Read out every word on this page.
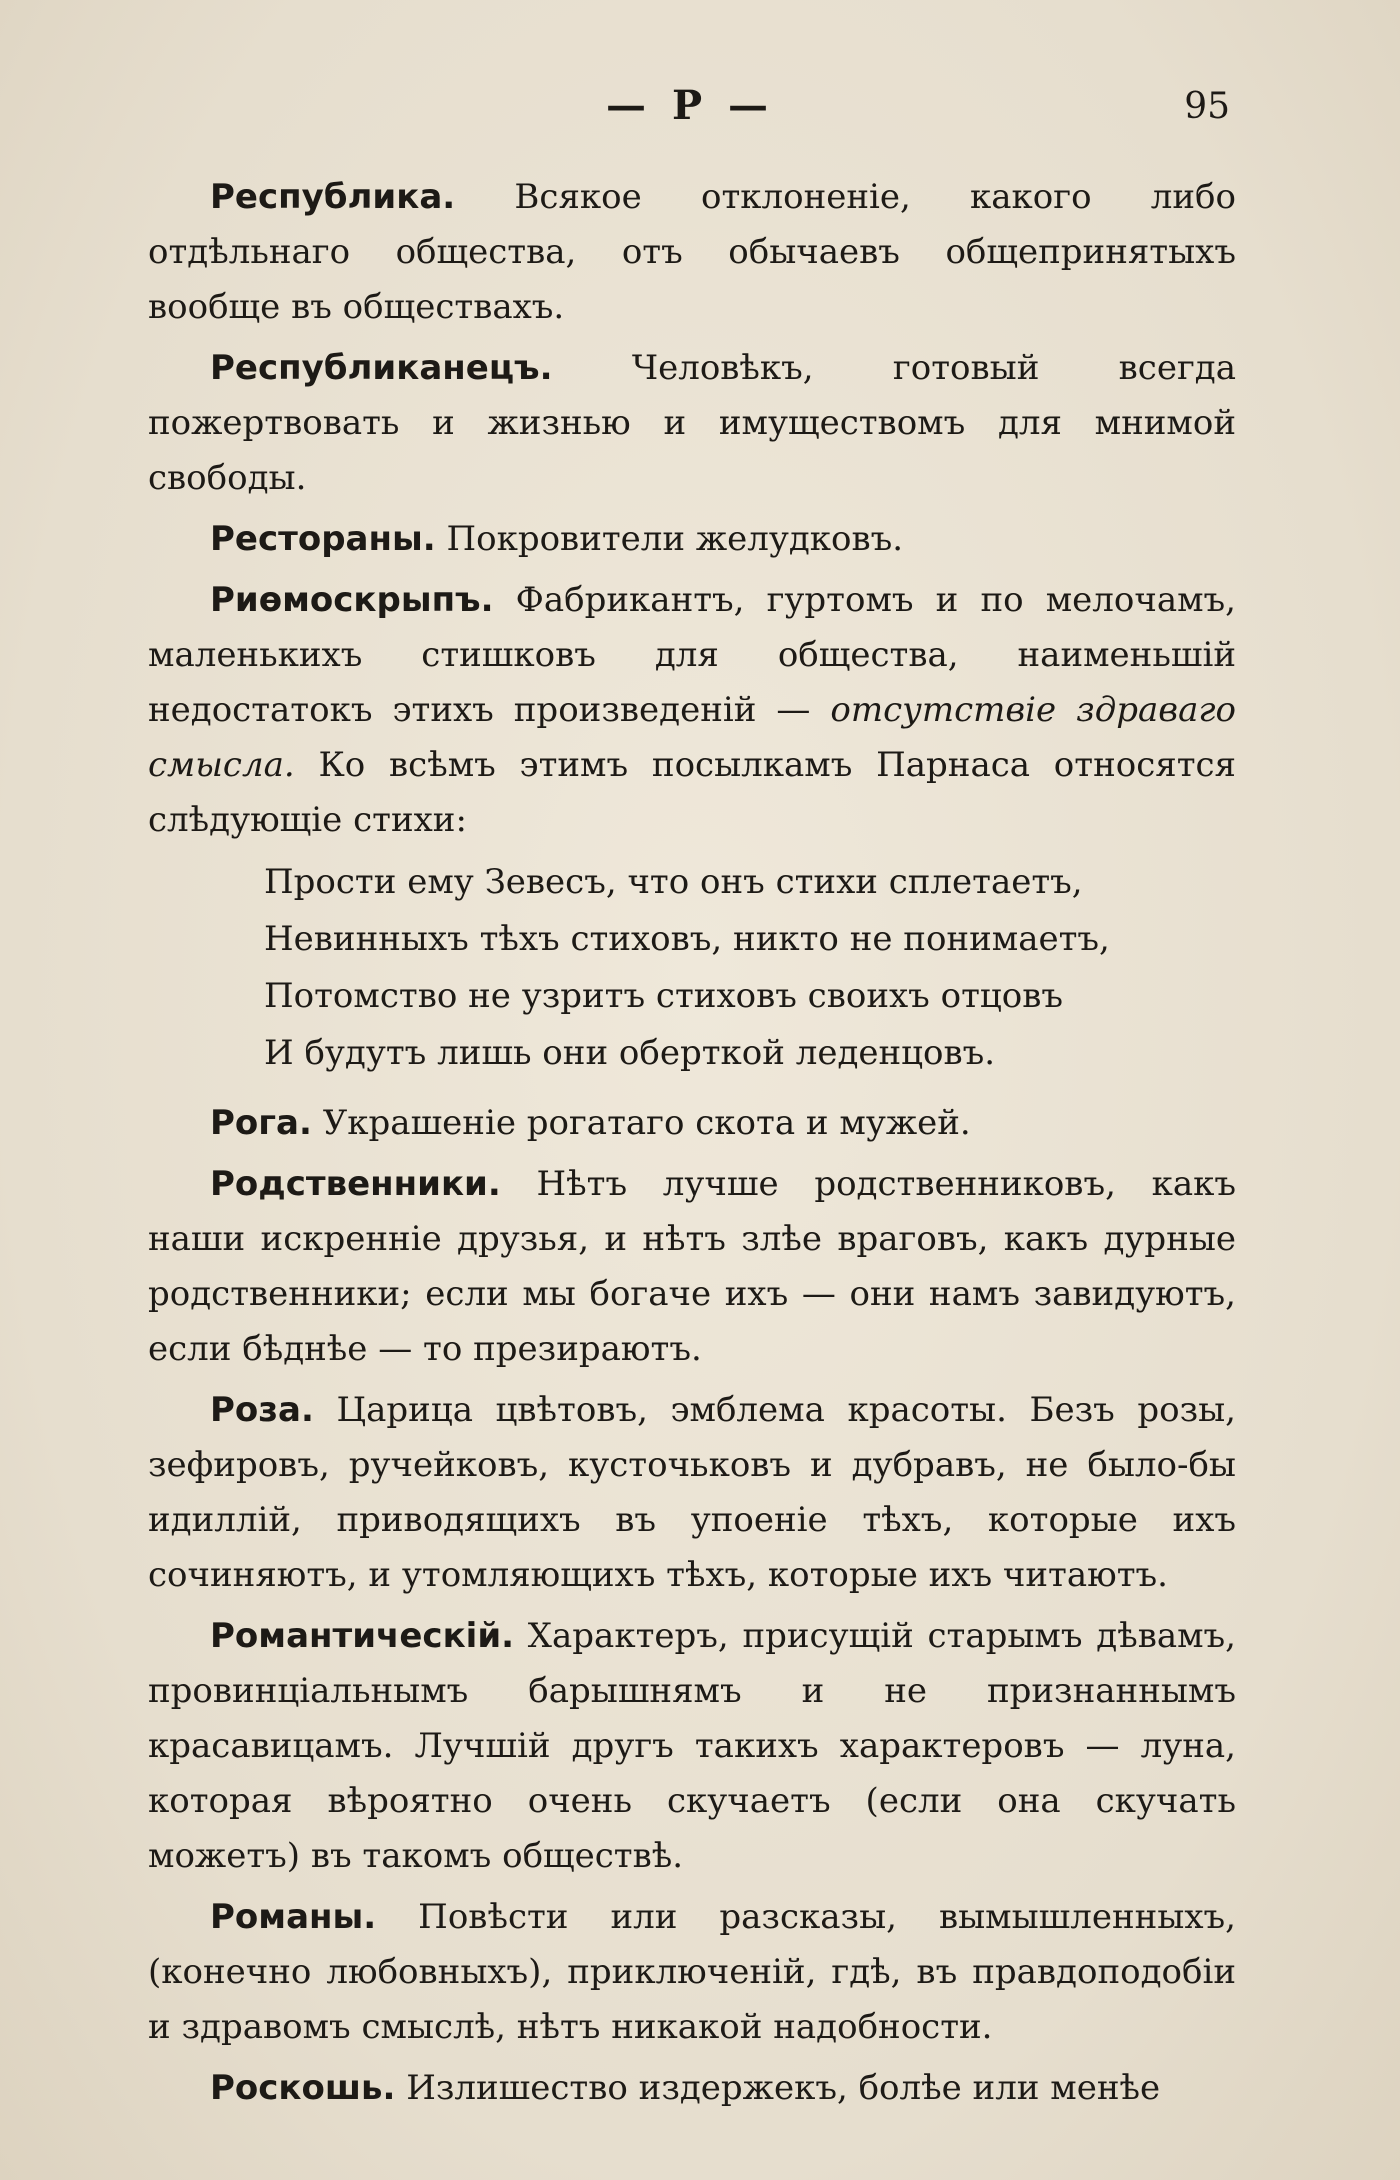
— Р —	95

Республика. Всякое отклоненіе, какого либо отдѣльнаго общества, отъ обычаевъ общепринятыхъ вообще въ обществахъ.

Республиканецъ. Человѣкъ, готовый всегда пожертвовать и жизнью и имуществомъ для мнимой свободы.

Рестораны. Покровители желудковъ.

Риѳмоскрыпъ. Фабрикантъ, гуртомъ и по мелочамъ, маленькихъ стишковъ для общества, наименьшій недостатокъ этихъ произведеній — отсутствіе здраваго смысла. Ко всѣмъ этимъ посылкамъ Парнаса относятся слѣдующіе стихи:

Прости ему Зевесъ, что онъ стихи сплетаетъ,
Невинныхъ тѣхъ стиховъ, никто не понимаетъ,
Потомство не узритъ стиховъ своихъ отцовъ
И будутъ лишь они оберткой леденцовъ.

Рога. Украшеніе рогатаго скота и мужей.

Родственники. Нѣтъ лучше родственниковъ, какъ наши искренніе друзья, и нѣтъ злѣе враговъ, какъ дурные родственники; если мы богаче ихъ — они намъ завидуютъ, если бѣднѣе — то презираютъ.

Роза. Царица цвѣтовъ, эмблема красоты. Безъ розы, зефировъ, ручейковъ, кусточьковъ и дубравъ, не было-бы идиллій, приводящихъ въ упоеніе тѣхъ, которые ихъ сочиняютъ, и утомляющихъ тѣхъ, которые ихъ читаютъ.

Романтическій. Характеръ, присущій старымъ дѣвамъ, провинціальнымъ барышнямъ и не признаннымъ красавицамъ. Лучшій другъ такихъ характеровъ — луна, которая вѣроятно очень скучаетъ (если она скучать можетъ) въ такомъ обществѣ.

Романы. Повѣсти или разсказы, вымышленныхъ, (конечно любовныхъ), приключеній, гдѣ, въ правдоподобіи и здравомъ смыслѣ, нѣтъ никакой надобности.

Роскошь. Излишество издержекъ, болѣе или менѣе
